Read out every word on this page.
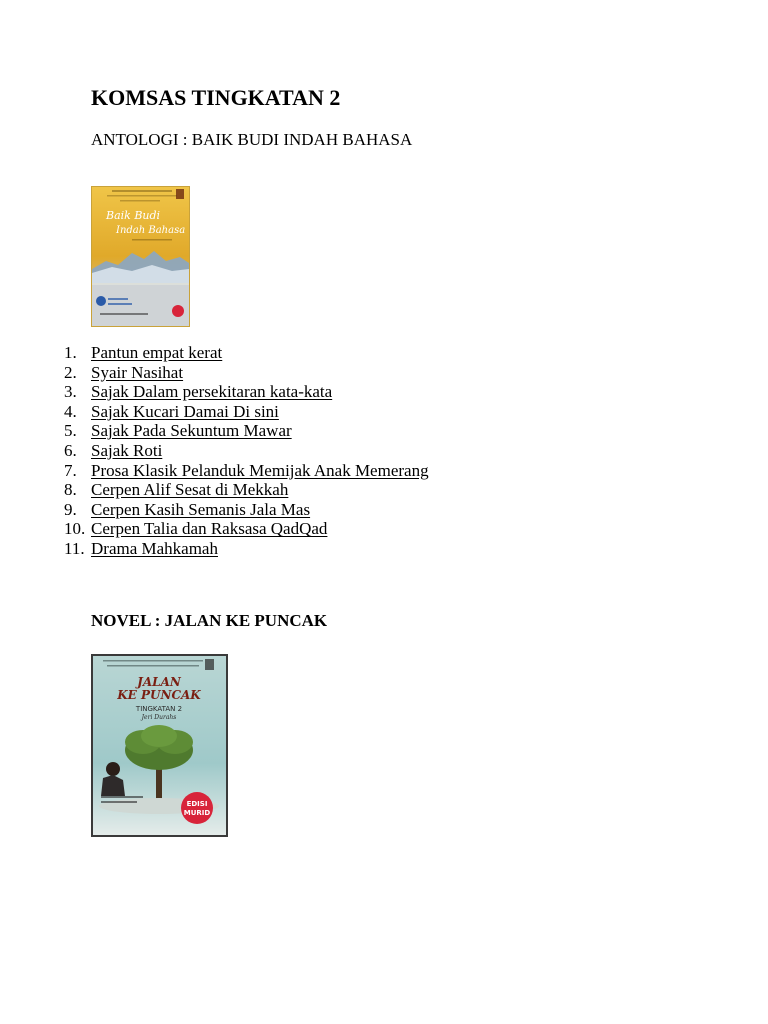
KOMSAS TINGKATAN 2

ANTOLOGI : BAIK BUDI INDAH BAHASA

Baik Budi
Indah Bahasa
1. Pantun empat kerat
2. Syair Nasihat
3. Sajak Dalam persekitaran kata-kata
4. Sajak Kucari Damai Di sini
5. Sajak Pada Sekuntum Mawar
6. Sajak Roti
7. Prosa Klasik Pelanduk Memijak Anak Memerang
8. Cerpen Alif Sesat di Mekkah
9. Cerpen Kasih Semanis Jala Mas
10. Cerpen Talia dan Raksasa QadQad
11. Drama Mahkamah

NOVEL : JALAN KE PUNCAK

JALAN
KE PUNCAK
TINGKATAN 2
Jeri Durahs
EDISI
MURID
